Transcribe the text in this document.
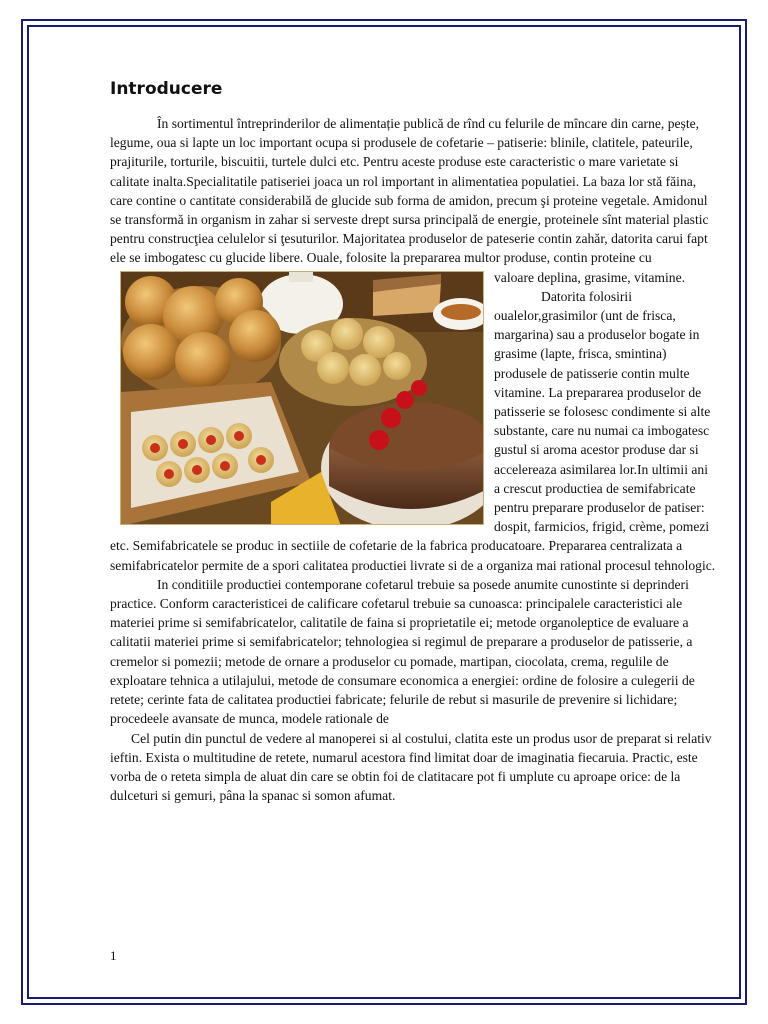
Introducere

În sortimentul întreprinderilor de alimentație publică de rînd cu felurile de mîncare din carne, pește, legume, oua si lapte un loc important ocupa si produsele de cofetarie – patiserie: blinile, clatitele, pateurile, prajiturile, torturile, biscuitii, turtele dulci etc. Pentru aceste produse este caracteristic o mare varietate si calitate inalta.Specialitatile patiseriei joaca un rol important in alimentatiea populatiei. La baza lor stă făina, care contine o cantitate considerabilă de glucide sub forma de amidon, precum şi proteine vegetale. Amidonul se transformă in organism in zahar si serveste drept sursa principală de energie, proteinele sînt material plastic pentru construcţiea celulelor si ţesuturilor. Majoritatea produselor de pateserie contin zahăr, datorita carui fapt ele se imbogatesc cu glucide libere. Ouale, folosite la prepararea multor produse, contin proteine cu

valoare deplina, grasime, vitamine.

Datorita folosirii oualelor,grasimilor (unt de frisca, margarina) sau a produselor bogate in grasime (lapte, frisca, smintina) produsele de patisserie contin multe vitamine. La prepararea produselor de patisserie se folosesc condimente si alte substante, care nu numai ca imbogatesc gustul si aroma acestor produse dar si accelereaza asimilarea lor.In ultimii ani a crescut productiea de semifabricate pentru preparare produselor de patiser: dospit, farmicios, frigid, crème, pomezi etc. Semifabricatele se produc in sectiile de cofetarie de la fabrica producatoare. Prepararea centralizata a semifabricatelor permite de a spori calitatea productiei livrate si de a organiza mai rational procesul tehnologic.

In conditiile productiei contemporane cofetarul trebuie sa posede anumite cunostinte si deprinderi practice. Conform caracteristicei de calificare cofetarul trebuie sa cunoasca: principalele caracteristici ale materiei prime si semifabricatelor, calitatile de faina si proprietatile ei; metode organoleptice de evaluare a calitatii materiei prime si semifabricatelor; tehnologiea si regimul de preparare a produselor de patisserie, a cremelor si pomezii; metode de ornare a produselor cu pomade, martipan, ciocolata, crema, regulile de exploatare tehnica a utilajului, metode de consumare economica a energiei: ordine de folosire a culegerii de retete; cerinte fata de calitatea productiei fabricate; felurile de rebut si masurile de prevenire si lichidare; procedeele avansate de munca, modele rationale de

Cel putin din punctul de vedere al manoperei si al costului, clatita este un produs usor de preparat si relativ ieftin. Exista o multitudine de retete, numarul acestora find limitat doar de imaginatia fiecaruia. Practic, este vorba de o reteta simpla de aluat din care se obtin foi de clatitacare pot fi umplute cu aproape orice: de la dulceturi si gemuri, pâna la spanac si somon afumat.

1
